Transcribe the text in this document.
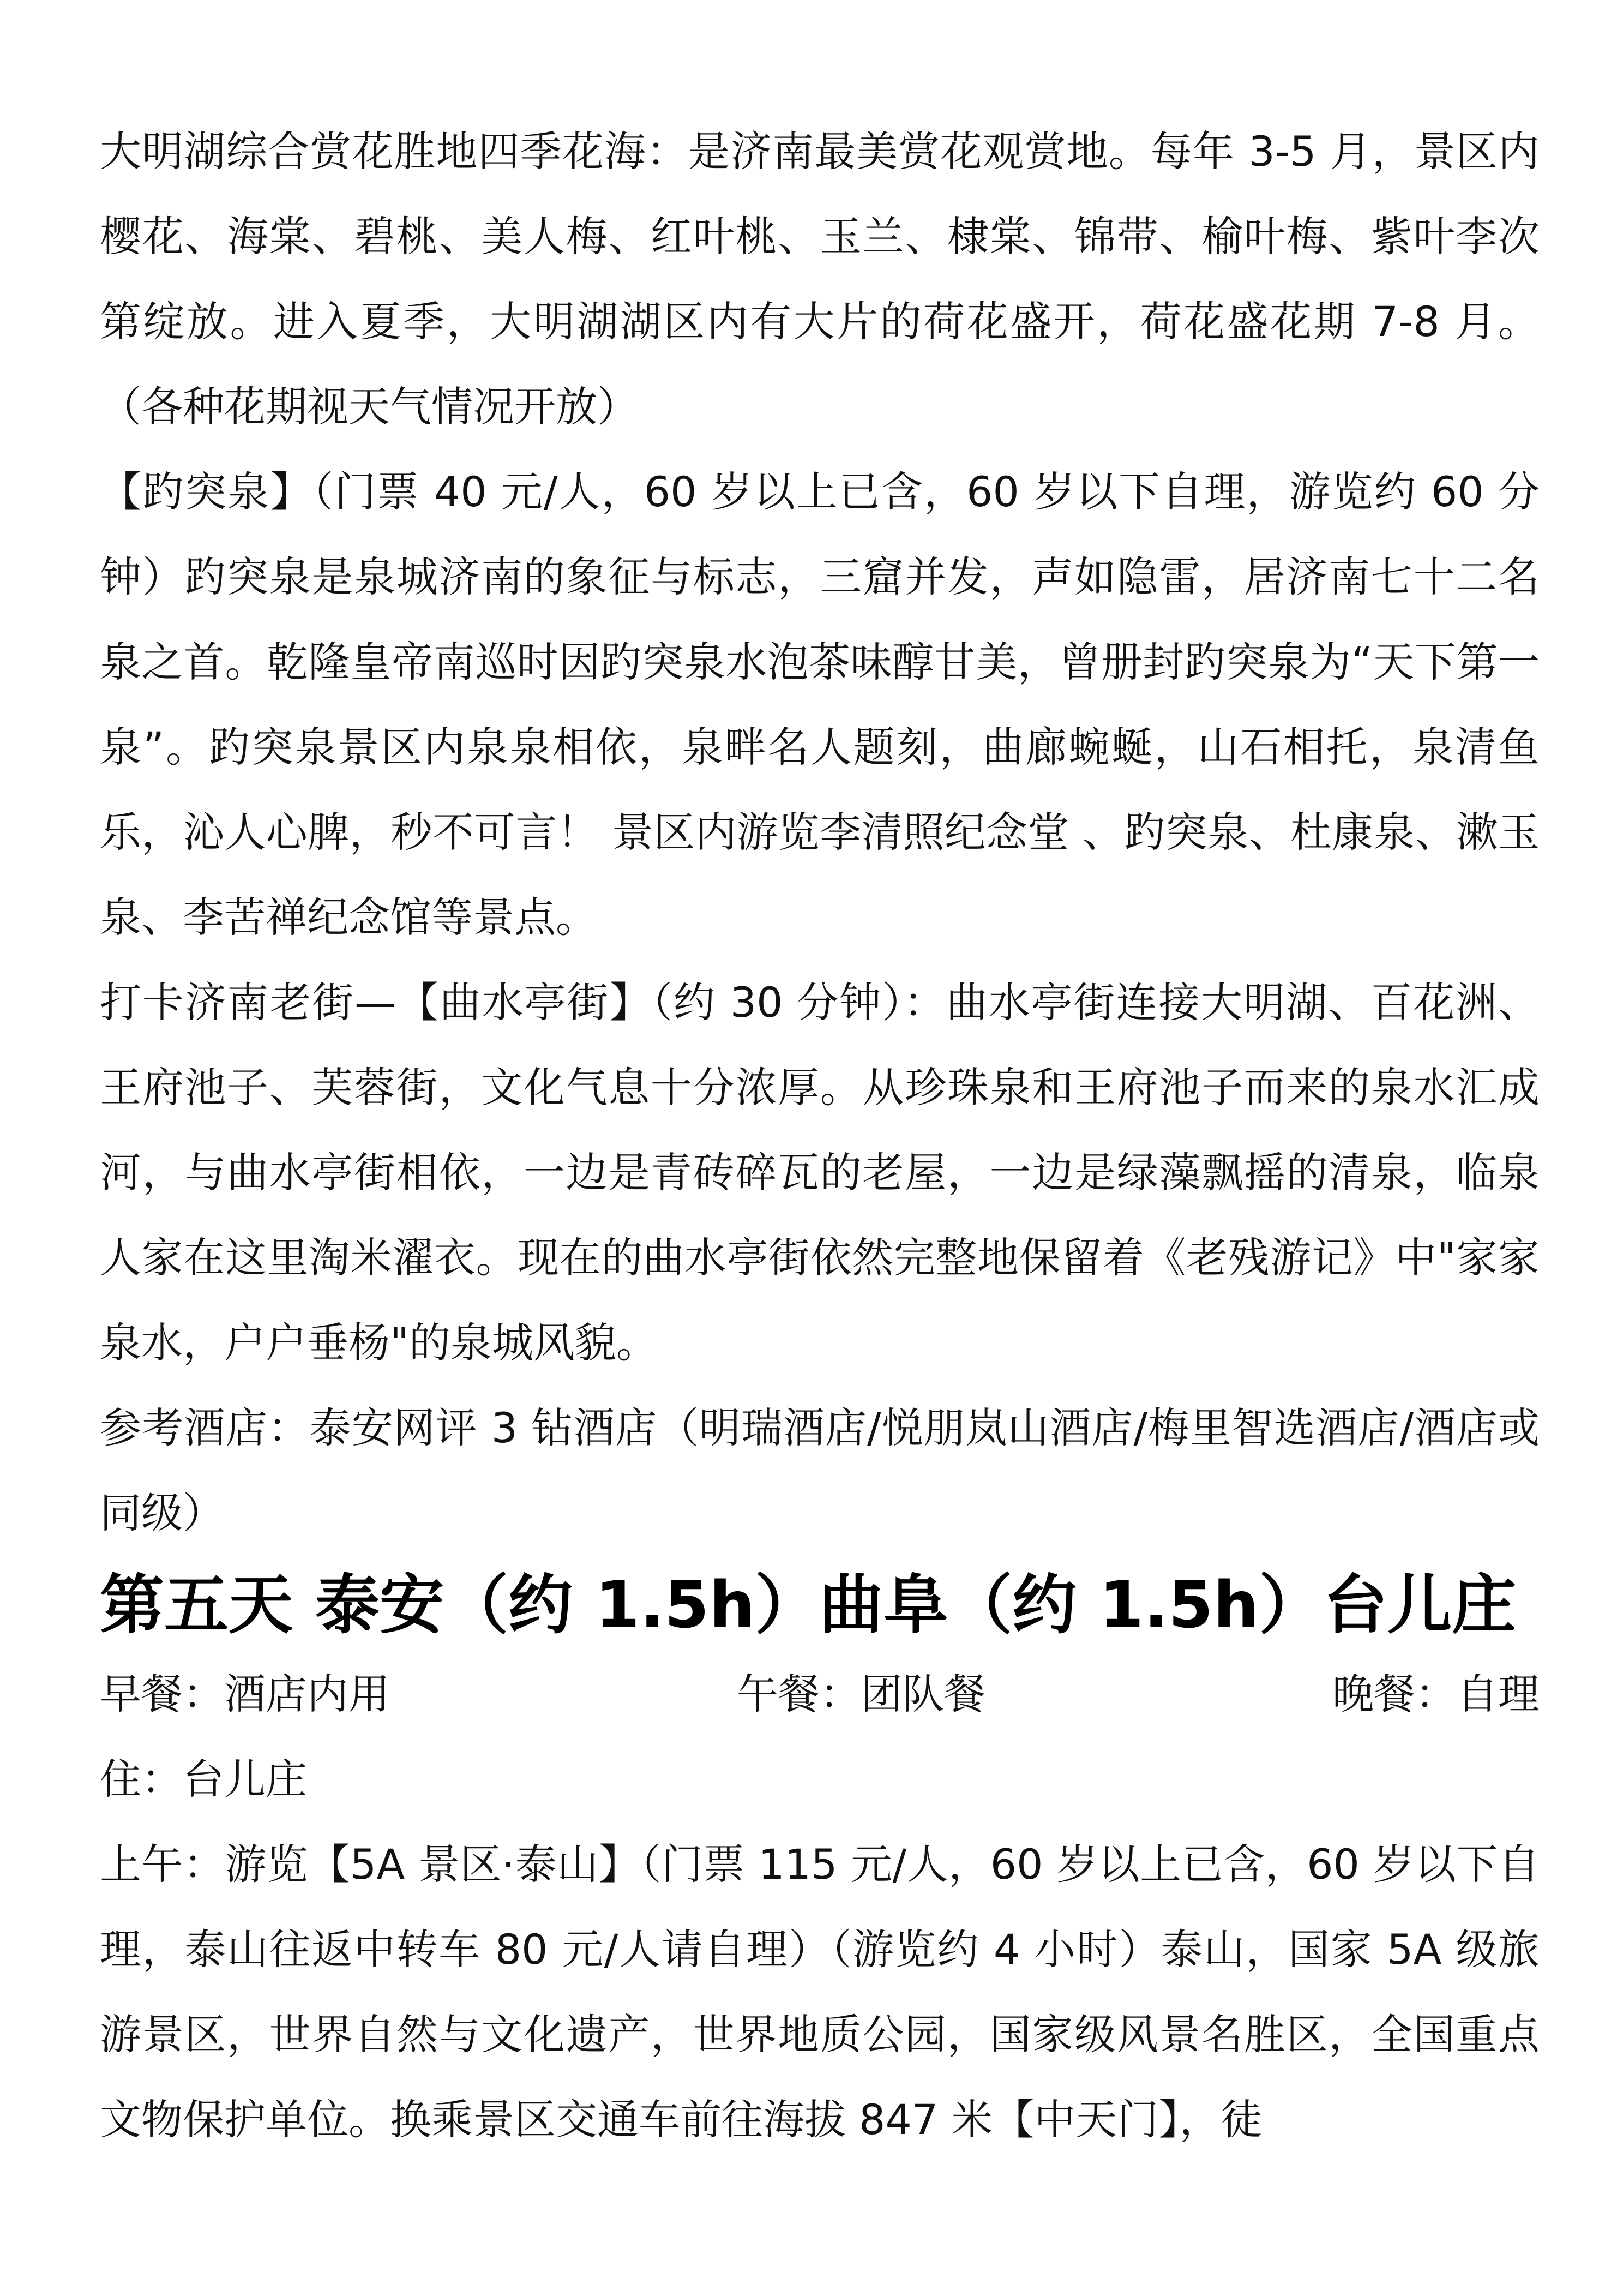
大明湖综合赏花胜地四季花海：是济南最美赏花观赏地。每年 3-5 月，景区内樱花、海棠、碧桃、美人梅、红叶桃、玉兰、棣棠、锦带、榆叶梅、紫叶李次第绽放。进入夏季，大明湖湖区内有大片的荷花盛开，荷花盛花期 7-8 月。（各种花期视天气情况开放）

【趵突泉】（门票 40 元/人，60 岁以上已含，60 岁以下自理，游览约 60 分钟）趵突泉是泉城济南的象征与标志，三窟并发，声如隐雷，居济南七十二名泉之首。乾隆皇帝南巡时因趵突泉水泡茶味醇甘美，曾册封趵突泉为“天下第一泉”。趵突泉景区内泉泉相依，泉畔名人题刻，曲廊蜿蜒，山石相托，泉清鱼乐，沁人心脾，秒不可言！ 景区内游览李清照纪念堂 、趵突泉、杜康泉、漱玉泉、李苦禅纪念馆等景点。

打卡济南老街—【曲水亭街】（约 30 分钟）：曲水亭街连接大明湖、百花洲、王府池子、芙蓉街，文化气息十分浓厚。从珍珠泉和王府池子而来的泉水汇成河，与曲水亭街相依，一边是青砖碎瓦的老屋，一边是绿藻飘摇的清泉，临泉人家在这里淘米濯衣。现在的曲水亭街依然完整地保留着《老残游记》中"家家泉水，户户垂杨"的泉城风貌。

参考酒店：泰安网评 3 钻酒店（明瑞酒店/悦朋岚山酒店/梅里智选酒店/酒店或同级）

第五天 泰安（约 1.5h）曲阜（约 1.5h）台儿庄
早餐：酒店内用	午餐：团队餐	晚餐：自理

住：台儿庄

上午：游览【5A 景区·泰山】（门票 115 元/人，60 岁以上已含，60 岁以下自理，泰山往返中转车 80 元/人请自理）（游览约 4 小时）泰山，国家 5A 级旅游景区，世界自然与文化遗产，世界地质公园，国家级风景名胜区，全国重点文物保护单位。换乘景区交通车前往海拔 847 米【中天门】，徒
